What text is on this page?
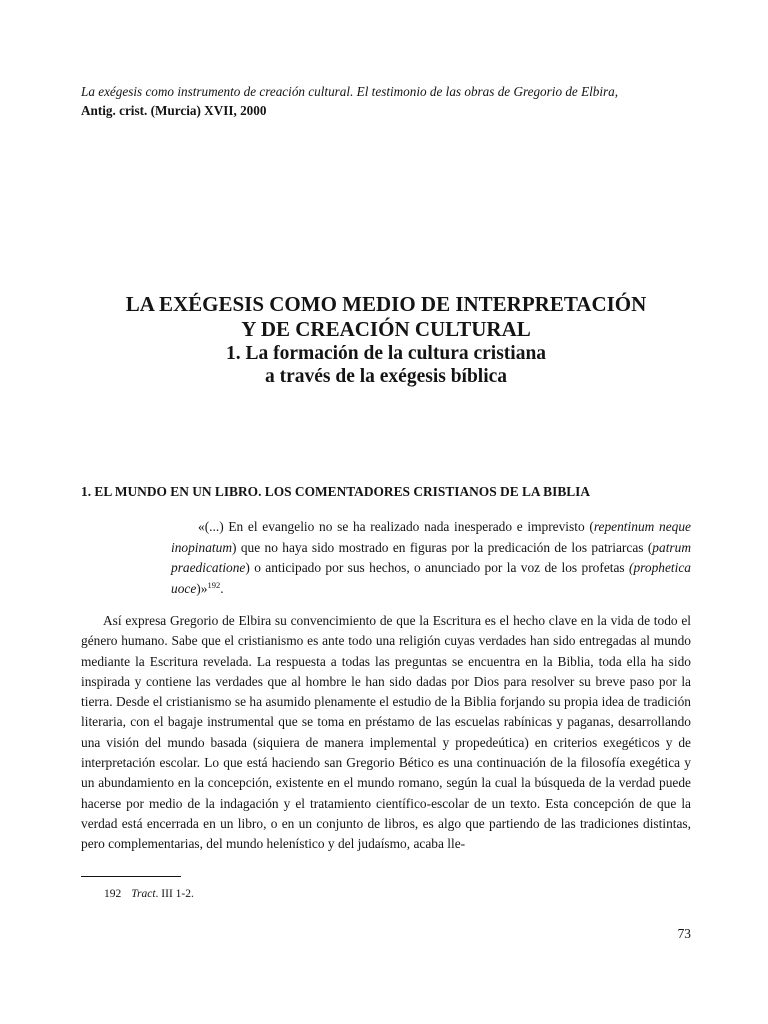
La exégesis como instrumento de creación cultural. El testimonio de las obras de Gregorio de Elbira,
Antig. crist. (Murcia) XVII, 2000
LA EXÉGESIS COMO MEDIO DE INTERPRETACIÓN
Y DE CREACIÓN CULTURAL
1. La formación de la cultura cristiana
a través de la exégesis bíblica
1. EL MUNDO EN UN LIBRO. LOS COMENTADORES CRISTIANOS DE LA BIBLIA
«(...) En el evangelio no se ha realizado nada inesperado e imprevisto (repentinum neque inopinatum) que no haya sido mostrado en figuras por la predicación de los patriarcas (patrum praedicatione) o anticipado por sus hechos, o anunciado por la voz de los profetas (prophetica uoce)»$^{192}$.
Así expresa Gregorio de Elbira su convencimiento de que la Escritura es el hecho clave en la vida de todo el género humano. Sabe que el cristianismo es ante todo una religión cuyas verdades han sido entregadas al mundo mediante la Escritura revelada. La respuesta a todas las preguntas se encuentra en la Biblia, toda ella ha sido inspirada y contiene las verdades que al hombre le han sido dadas por Dios para resolver su breve paso por la tierra. Desde el cristianismo se ha asumido plenamente el estudio de la Biblia forjando su propia idea de tradición literaria, con el bagaje instrumental que se toma en préstamo de las escuelas rabínicas y paganas, desarrollando una visión del mundo basada (siquiera de manera implemental y propedeútica) en criterios exegéticos y de interpretación escolar. Lo que está haciendo san Gregorio Bético es una continuación de la filosofía exegética y un abundamiento en la concepción, existente en el mundo romano, según la cual la búsqueda de la verdad puede hacerse por medio de la indagación y el tratamiento científico-escolar de un texto. Esta concepción de que la verdad está encerrada en un libro, o en un conjunto de libros, es algo que partiendo de las tradiciones distintas, pero complementarias, del mundo helenístico y del judaísmo, acaba lle-
192 Tract. III 1-2.
73
